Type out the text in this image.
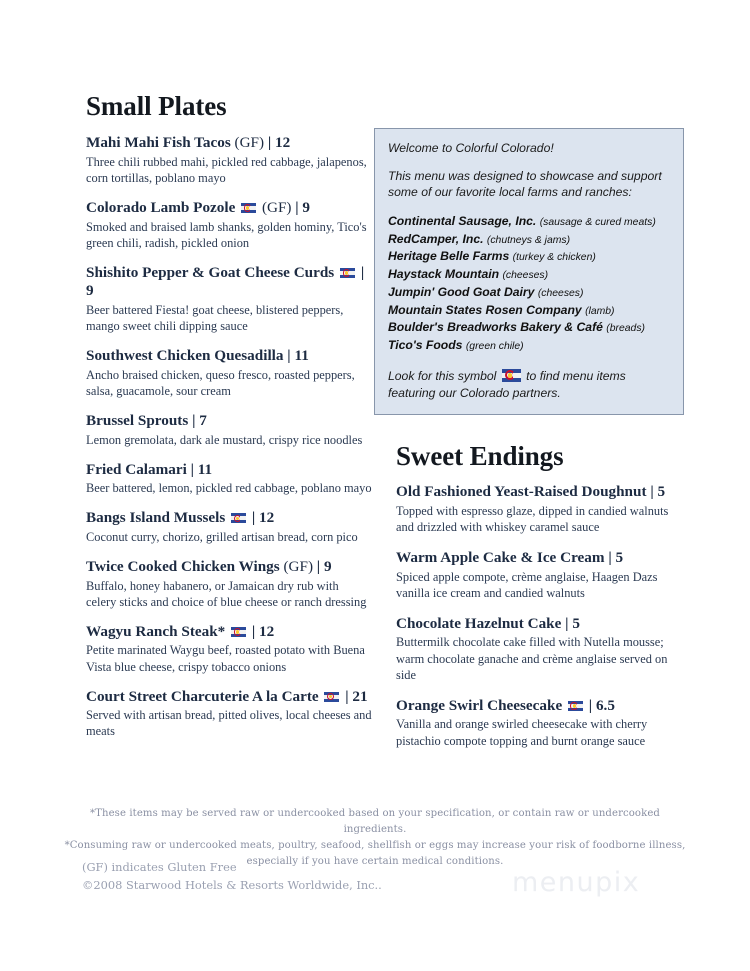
Small Plates
Mahi Mahi Fish Tacos (GF) | 12
Three chili rubbed mahi, pickled red cabbage, jalapenos, corn tortillas, poblano mayo
Colorado Lamb Pozole (GF) | 9
Smoked and braised lamb shanks, golden hominy, Tico's green chili, radish, pickled onion
Shishito Pepper & Goat Cheese Curds | 9
Beer battered Fiesta! goat cheese, blistered peppers, mango sweet chili dipping sauce
Southwest Chicken Quesadilla | 11
Ancho braised chicken, queso fresco, roasted peppers, salsa, guacamole, sour cream
Brussel Sprouts | 7
Lemon gremolata, dark ale mustard, crispy rice noodles
Fried Calamari | 11
Beer battered, lemon, pickled red cabbage, poblano mayo
Bangs Island Mussels | 12
Coconut curry, chorizo, grilled artisan bread, corn pico
Twice Cooked Chicken Wings (GF) | 9
Buffalo, honey habanero, or Jamaican dry rub with celery sticks and choice of blue cheese or ranch dressing
Wagyu Ranch Steak* | 12
Petite marinated Waygu beef, roasted potato with Buena Vista blue cheese, crispy tobacco onions
Court Street Charcuterie A la Carte | 21
Served with artisan bread, pitted olives, local cheeses and meats

Welcome to Colorful Colorado!

This menu was designed to showcase and support some of our favorite local farms and ranches:

Continental Sausage, Inc. (sausage & cured meats)
RedCamper, Inc. (chutneys & jams)
Heritage Belle Farms (turkey & chicken)
Haystack Mountain (cheeses)
Jumpin' Good Goat Dairy (cheeses)
Mountain States Rosen Company (lamb)
Boulder's Breadworks Bakery & Café (breads)
Tico's Foods (green chile)
Look for this symbol to find menu items featuring our Colorado partners.
Sweet Endings
Old Fashioned Yeast-Raised Doughnut | 5
Topped with espresso glaze, dipped in candied walnuts and drizzled with whiskey caramel sauce
Warm Apple Cake & Ice Cream | 5
Spiced apple compote, crème anglaise, Haagen Dazs vanilla ice cream and candied walnuts
Chocolate Hazelnut Cake | 5
Buttermilk chocolate cake filled with Nutella mousse; warm chocolate ganache and crème anglaise served on side
Orange Swirl Cheesecake | 6.5
Vanilla and orange swirled cheesecake with cherry pistachio compote topping and burnt orange sauce
*These items may be served raw or undercooked based on your specification, or contain raw or undercooked ingredients.
*Consuming raw or undercooked meats, poultry, seafood, shellfish or eggs may increase your risk of foodborne illness,
especially if you have certain medical conditions.
(GF) indicates Gluten Free
©2008 Starwood Hotels & Resorts Worldwide, Inc..	menupix
